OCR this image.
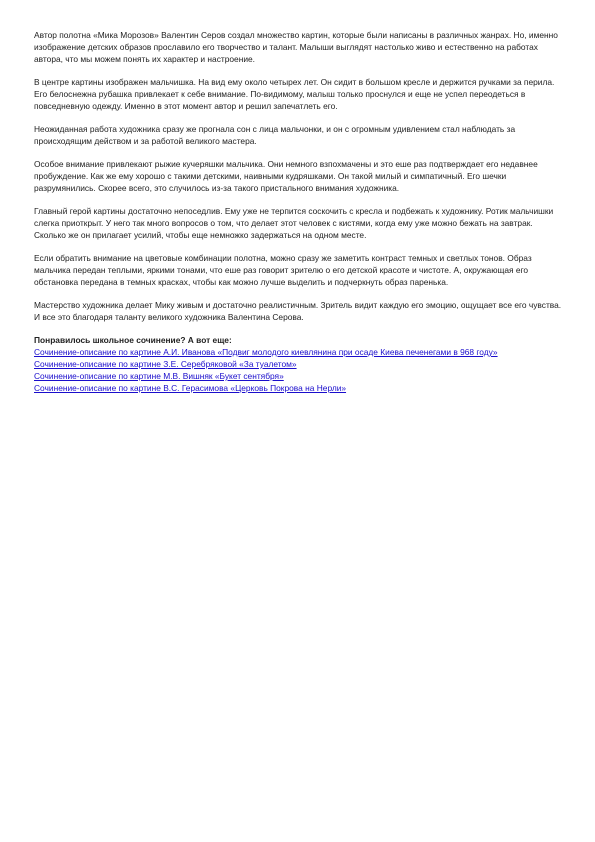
Автор полотна «Мика Морозов» Валентин Серов создал множество картин, которые были написаны в различных жанрах. Но, именно изображение детских образов прославило его творчество и талант. Малыши выглядят настолько живо и естественно на работах автора, что мы можем понять их характер и настроение.

В центре картины изображен мальчишка. На вид ему около четырех лет. Он сидит в большом кресле и держится ручками за перила. Его белоснежна рубашка привлекает к себе внимание. По-видимому, малыш только проснулся и еще не успел переодеться в повседневную одежду. Именно в этот момент автор и решил запечатлеть его.

Неожиданная работа художника сразу же прогнала сон с лица мальчонки, и он с огромным удивлением стал наблюдать за происходящим действом и за работой великого мастера.

Особое внимание привлекают рыжие кучеряшки мальчика. Они немного взпохмачены и это еше раз подтверждает его недавнее пробуждение. Как же ему хорошо с такими детскими, наивными кудряшками. Он такой милый и симпатичный. Его шечки разрумянились. Скорее всего, это случилось из-за такого пристального внимания художника.

Главный герой картины достаточно непоседлив. Ему уже не терпится соскочить с кресла и подбежать к художнику. Ротик мальчишки слегка приоткрыт. У него так много вопросов о том, что делает этот человек с кистями, когда ему уже можно бежать на завтрак. Сколько же он прилагает усилий, чтобы еще немножко задержаться на одном месте.

Если обратить внимание на цветовые комбинации полотна, можно сразу же заметить контраст темных и светлых тонов. Образ мальчика передан теплыми, яркими тонами, что еше раз говорит зрителю о его детской красоте и чистоте. А, окружающая его обстановка передана в темных красках, чтобы как можно лучше выделить и подчеркнуть образ паренька.

Мастерство художника делает Мику живым и достаточно реалистичным. Зритель видит каждую его эмоцию, ощущает все его чувства. И все это благодаря таланту великого художника Валентина Серова.

Понравилось школьное сочинение? А вот еще:

Сочинение-описание по картине А.И. Иванова «Подвиг молодого киевлянина при осаде Киева печенегами в 968 году»
Сочинение-описание по картине З.Е. Серебряковой «За туалетом»
Сочинение-описание по картине М.В. Вишняк «Букет сентября»
Сочинение-описание по картине В.С. Герасимова «Церковь Покрова на Нерли»
